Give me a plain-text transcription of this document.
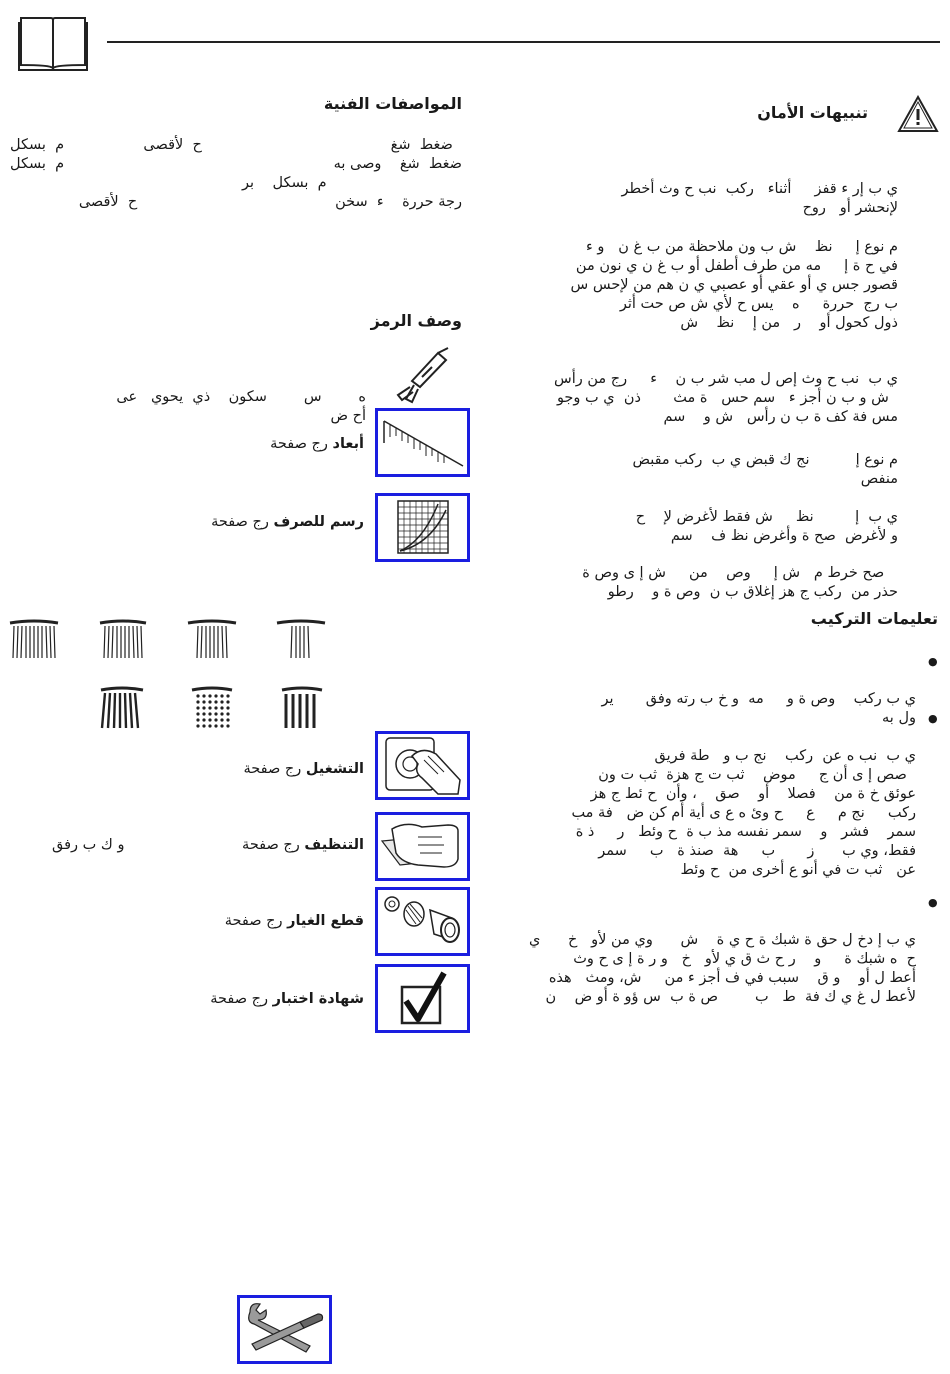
تنبيهات الأمان

ي ب إر ء قفز     أثناء   ركب  نب ح وث أخطر
لإنحشر أو   روح

م نوع إ     نظ    ش ب ون ملاحظة من ب غ ن   و ء
في ح ة إ     مه من طرف أطفل أو ب غ ن ي نون من
قصور جس ي أو عقي أو عصبي ي ن هم من لإحس س
ب رج  حررة     ه    يس ح لأي ش ص حت أثر
ذول كحول أو    ر   من إ    نظ    ش

ي ب  نب ح وث إص ل مب شر ب ن    ء     رج من رأس
ش و ب ن أجز ء   سم حس   ة مث       ذن  ي ب وجو
مس فة كف ة ب ن رأس   ش و    سم

م نوع إ          نج ك قبض ي ب  ركب مقبض
منفص

ي ب  إ         نظ     ش فقط لأغرض لإ    ح
و لأغرض  صح ة وأغرض نظ ف    سم

صح خرط م   ش إ     وص    من     ش إ ى وص ة
حذر من  ركب ج هز إغلاق ب ن  وص ة و    رطو

المواصفات الفنية
ضغط  شغ
ح  لأقصى
م  بسكل
ضغط  شغ    وصى به
م  بسكل
م  بسكل    بر
رجة حررة    ء  سخن
ح  لأقصى
وصف الرمز

ه        س        سكون    ذي  يحوي   عى
أح ض

أبعاد رج صفحة
رسم للصرف رج صفحة
تعليمات التركيب
●

ي ب ركب    وص ة و     مه  و خ ب رته وفق       ير
ول به ●

ي ب  نب ه عن  ركب    نج ب و   طة فريق
صص إ ى أن ج     موض    ثب ت ج هزة  ثب ت ون
عوئق خ ة من    فصلا    أو    صق    ، وأن  ح ئط ج هز
ركب     نج م     ع     ح وئ ه ع ى أية أم كن ض   فة مب
سمر    فشر   و    سمر نفسه مذ ب ة  ح وئط   ر     ذ ة
فقط، وي ب      ز       ب     هة  صنذ ة   ب     سمر
عن   ثب ت في أنو ع أخرى من  ح وئط

●

ي ب إ دخ ل حق ة شبك ة ح ي ة    ش      وي من لأو   خ      ي
ح  ه شبك ة     و    ر ح ث ق ي لأو   خ   و ر ة إ ى ح وث
أعط ل أو    و ق    سبب في ف أجز ء من     ش، ومث   هذه
لأعط ل غ ي ك فة  ط   ب        ص ة ب  س ؤو ة أو ض    ن

التشغيل رج صفحة
التنظيف رج صفحة
و ك ب رفق
قطع الغيار رج صفحة
شهادة اختبار رج صفحة
